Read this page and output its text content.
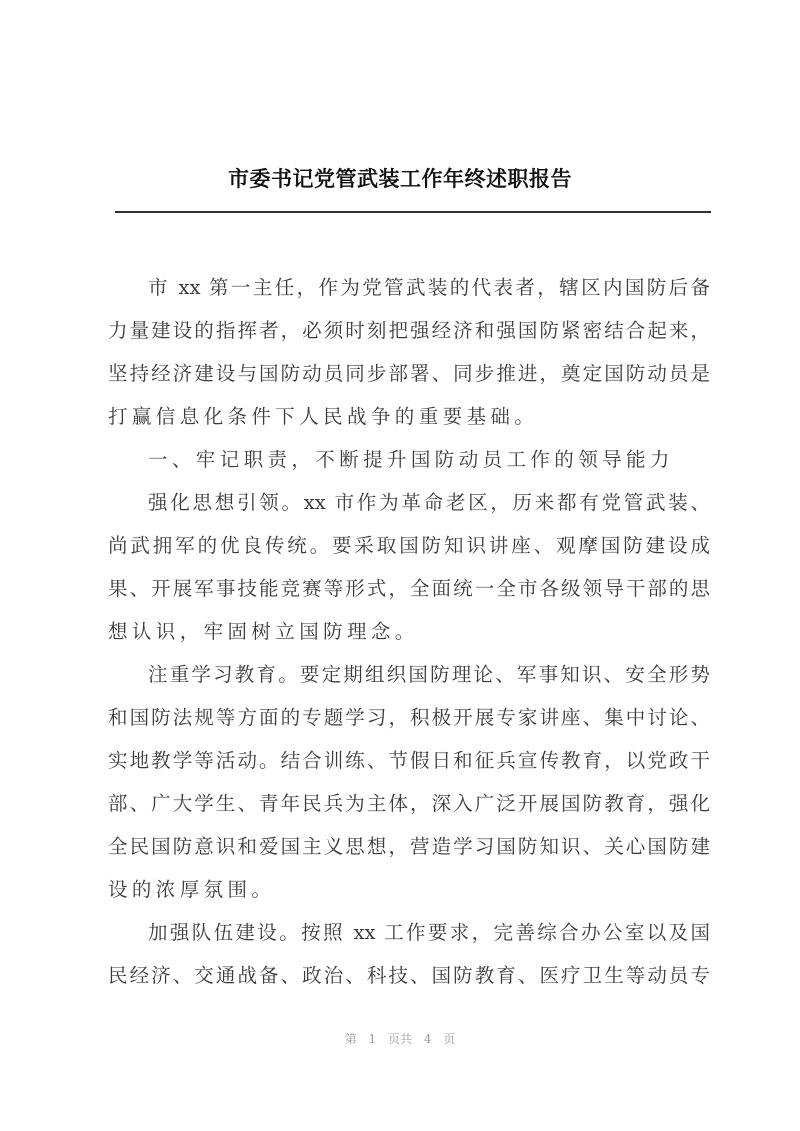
市委书记党管武装工作年终述职报告
市 xx 第一主任，作为党管武装的代表者，辖区内国防后备
力量建设的指挥者，必须时刻把强经济和强国防紧密结合起来，
坚持经济建设与国防动员同步部署、同步推进，奠定国防动员是
打赢信息化条件下人民战争的重要基础。
一、牢记职责，不断提升国防动员工作的领导能力
强化思想引领。xx 市作为革命老区，历来都有党管武装、
尚武拥军的优良传统。要采取国防知识讲座、观摩国防建设成
果、开展军事技能竞赛等形式，全面统一全市各级领导干部的思
想认识，牢固树立国防理念。
注重学习教育。要定期组织国防理论、军事知识、安全形势
和国防法规等方面的专题学习，积极开展专家讲座、集中讨论、
实地教学等活动。结合训练、节假日和征兵宣传教育，以党政干
部、广大学生、青年民兵为主体，深入广泛开展国防教育，强化
全民国防意识和爱国主义思想，营造学习国防知识、关心国防建
设的浓厚氛围。
加强队伍建设。按照 xx 工作要求，完善综合办公室以及国
民经济、交通战备、政治、科技、国防教育、医疗卫生等动员专
第 1 页共 4 页
